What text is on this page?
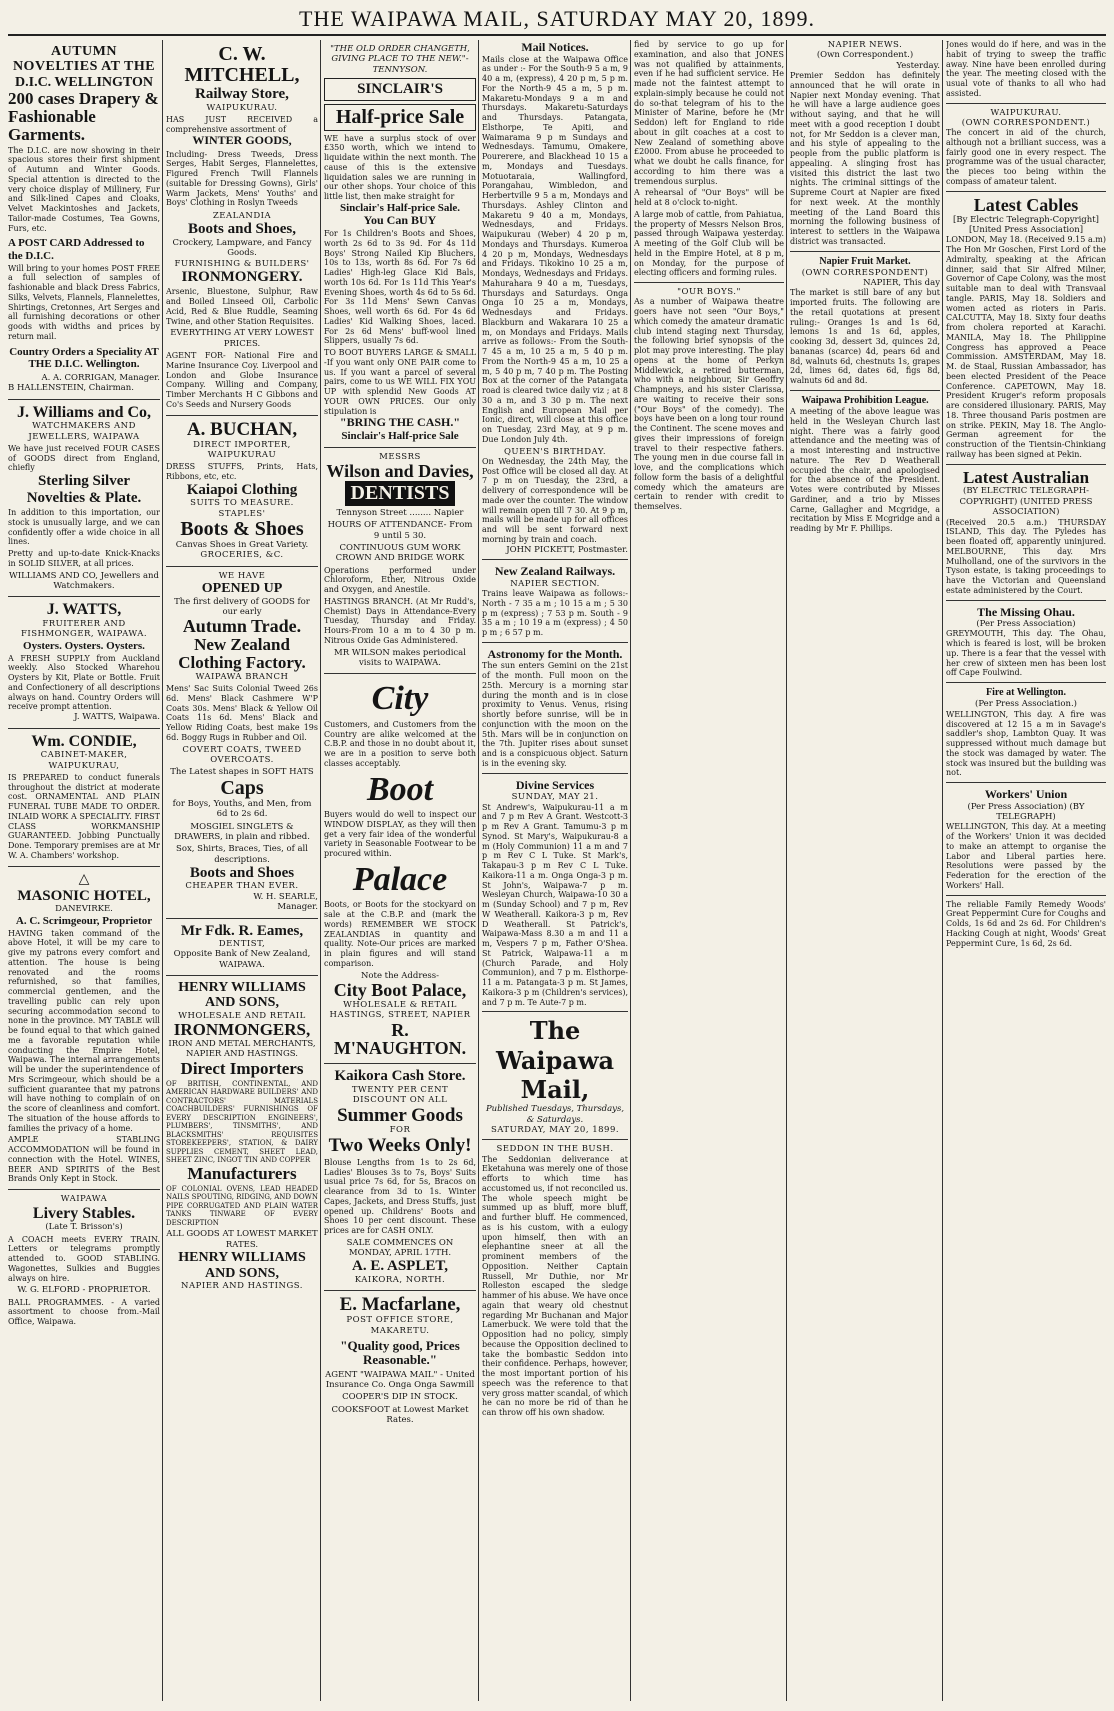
THE WAIPAWA MAIL, SATURDAY MAY 20, 1899.
AUTUMN NOVELTIES AT THE
D.I.C. WELLINGTON
200 cases Drapery & Fashionable Garments.

The D.I.C. are now showing in their spacious stores their first shipment of Autumn and Winter Goods. Special attention is directed to the very choice display of Millinery, Fur and Silk-lined Capes and Cloaks, Velvet Mackintoshes and Jackets, Tailor-made Costumes, Tea Gowns, Furs, etc.

A POST CARD Addressed to the D.I.C.

Will bring to your homes POST FREE a full selection of samples of fashionable and black Dress Fabrics, Silks, Velvets, Flannels, Flannelettes, Shirtings, Cretonnes, Art Serges and all furnishing decorations or other goods with widths and prices by return mail.

Country Orders a Speciality AT THE D.I.C. Wellington.

A. A. CORRIGAN, Manager.

B HALLENSTEIN, Chairman.

J. Williams and Co,
WATCHMAKERS AND JEWELLERS, WAIPAWA

We have just received FOUR CASES of GOODS direct from England, chiefly

Sterling Silver Novelties & Plate.

In addition to this importation, our stock is unusually large, and we can confidently offer a wide choice in all lines.

Pretty and up-to-date Knick-Knacks in SOLID SILVER, at all prices.

WILLIAMS AND CO, Jewellers and Watchmakers.

J. WATTS,
FRUITERER AND FISHMONGER, WAIPAWA.
Oysters. Oysters. Oysters.

A FRESH SUPPLY from Auckland weekly. Also Stocked Wharehou Oysters by Kit, Plate or Bottle. Fruit and Confectionery of all descriptions always on hand. Country Orders will receive prompt attention.

J. WATTS, Waipawa.

Wm. CONDIE,
CABINET-MAKER, WAIPUKURAU,

IS PREPARED to conduct funerals throughout the district at moderate cost. ORNAMENTAL AND PLAIN FUNERAL TUBE MADE TO ORDER. INLAID WORK A SPECIALITY. FIRST CLASS WORKMANSHIP GUARANTEED. Jobbing Punctually Done. Temporary premises are at Mr W. A. Chambers' workshop.

△
MASONIC HOTEL,
DANEVIRKE.
A. C. Scrimgeour, Proprietor

HAVING taken command of the above Hotel, it will be my care to give my patrons every comfort and attention. The house is being renovated and the rooms refurnished, so that families, commercial gentlemen, and the travelling public can rely upon securing accommodation second to none in the province. MY TABLE will be found equal to that which gained me a favorable reputation while conducting the Empire Hotel, Waipawa. The internal arrangements will be under the superintendence of Mrs Scrimgeour, which should be a sufficient guarantee that my patrons will have nothing to complain of on the score of cleanliness and comfort. The situation of the house affords to families the privacy of a home.

AMPLE STABLING ACCOMMODATION will be found in connection with the Hotel. WINES, BEER AND SPIRITS of the Best Brands Only Kept in Stock.

WAIPAWA
Livery Stables.
(Late T. Brisson's)

A COACH meets EVERY TRAIN. Letters or telegrams promptly attended to. GOOD STABLING. Wagonettes, Sulkies and Buggies always on hire.

W. G. ELFORD - PROPRIETOR.

BALL PROGRAMMES. - A varied assortment to choose from.-Mail Office, Waipawa.

C. W. MITCHELL,
Railway Store,
WAIPUKURAU.

HAS JUST RECEIVED a comprehensive assortment of

WINTER GOODS,

Including- Dress Tweeds, Dress Serges, Habit Serges, Flannelettes, Figured French Twill Flannels (suitable for Dressing Gowns), Girls' Warm Jackets, Mens' Youths' and Boys' Clothing in Roslyn Tweeds

ZEALANDIA
Boots and Shoes,

Crockery, Lampware, and Fancy Goods.

FURNISHING & BUILDERS'
IRONMONGERY.

Arsenic, Bluestone, Sulphur, Raw and Boiled Linseed Oil, Carbolic Acid, Red & Blue Ruddle, Seaming Twine, and other Station Requisites.

EVERYTHING AT VERY LOWEST PRICES.

AGENT FOR- National Fire and Marine Insurance Coy. Liverpool and London and Globe Insurance Company. Willing and Company, Timber Merchants H C Gibbons and Co's Seeds and Nursery Goods

A. BUCHAN,
DIRECT IMPORTER,
WAIPUKURAU

DRESS STUFFS, Prints, Hats, Ribbons, etc, etc.

Kaiapoi Clothing
SUITS TO MEASURE.
STAPLES'
Boots & Shoes
Canvas Shoes in Great Variety.
GROCERIES, &C.
WE HAVE
OPENED UP

The first delivery of GOODS for our early

Autumn Trade.
New Zealand Clothing Factory.
WAIPAWA BRANCH

Mens' Sac Suits Colonial Tweed 26s 6d. Mens' Black Cashmere W'P Coats 30s. Mens' Black & Yellow Oil Coats 11s 6d. Mens' Black and Yellow Riding Coats, best make 19s 6d. Boggy Rugs in Rubber and Oil.

COVERT COATS, TWEED OVERCOATS.

The Latest shapes in SOFT HATS

Caps

for Boys, Youths, and Men, from 6d to 2s 6d.

MOSGIEL SINGLETS & DRAWERS, in plain and ribbed.

Sox, Shirts, Braces, Ties, of all descriptions.

Boots and Shoes
CHEAPER THAN EVER.
W. H. SEARLE,
Manager.
Mr Fdk. R. Eames,
DENTIST,

Opposite Bank of New Zealand, WAIPAWA.

HENRY WILLIAMS AND SONS,
WHOLESALE AND RETAIL
IRONMONGERS,

IRON AND METAL MERCHANTS, NAPIER AND HASTINGS.

Direct Importers

OF BRITISH, CONTINENTAL, AND AMERICAN HARDWARE BUILDERS' AND CONTRACTORS' MATERIALS COACHBUILDERS' FURNISHINGS OF EVERY DESCRIPTION ENGINEERS', PLUMBERS', TINSMITHS', AND BLACKSMITHS' REQUISITES STOREKEEPERS', STATION, & DAIRY SUPPLIES CEMENT, SHEET LEAD, SHEET ZINC, INGOT TIN AND COPPER

Manufacturers

OF COLONIAL OVENS, LEAD HEADED NAILS SPOUTING, RIDGING, AND DOWN PIPE CORRUGATED AND PLAIN WATER TANKS TINWARE OF EVERY DESCRIPTION

ALL GOODS AT LOWEST MARKET RATES.

HENRY WILLIAMS AND SONS,
NAPIER AND HASTINGS.

"THE OLD ORDER CHANGETH, GIVING PLACE TO THE NEW."-TENNYSON.

SINCLAIR'S
Half-price Sale

WE have a surplus stock of over £350 worth, which we intend to liquidate within the next month. The cause of this is the extensive liquidation sales we are running in our other shops. Your choice of this little list, then make straight for

Sinclair's Half-price Sale.
You Can BUY

For 1s Children's Boots and Shoes, worth 2s 6d to 3s 9d. For 4s 11d Boys' Strong Nailed Kip Bluchers, 10s to 13s, worth 8s 6d. For 7s 6d Ladies' High-leg Glace Kid Bals, worth 10s 6d. For 1s 11d This Year's Evening Shoes, worth 4s 6d to 5s 6d. For 3s 11d Mens' Sewn Canvas Shoes, well worth 6s 6d. For 4s 6d Ladies' Kid Walking Shoes, laced. For 2s 6d Mens' buff-wool lined Slippers, usually 7s 6d.

TO BOOT BUYERS LARGE & SMALL -If you want only ONE PAIR come to us. If you want a parcel of several pairs, come to us WE WILL FIX YOU UP with splendid New Goods AT YOUR OWN PRICES. Our only stipulation is

"BRING THE CASH."
Sinclair's Half-price Sale
MESSRS
Wilson and Davies,
DENTISTS

Tennyson Street ........ Napier

HOURS OF ATTENDANCE- From 9 until 5 30.

CONTINUOUS GUM WORK CROWN AND BRIDGE WORK

Operations performed under Chloroform, Ether, Nitrous Oxide and Oxygen, and Anestile.

HASTINGS BRANCH. (At Mr Rudd's, Chemist) Days in Attendance-Every Tuesday, Thursday and Friday. Hours-From 10 a m to 4 30 p m. Nitrous Oxide Gas Administered.

MR WILSON makes periodical visits to WAIPAWA.

City

Customers, and Customers from the Country are alike welcomed at the C.B.P. and those in no doubt about it, we are in a position to serve both classes acceptably.

Boot

Buyers would do well to inspect our WINDOW DISPLAY, as they will then get a very fair idea of the wonderful variety in Seasonable Footwear to be procured within.

Palace

Boots, or Boots for the stockyard on sale at the C.B.P. and (mark the words) REMEMBER WE STOCK ZEALANDIAS in quantity and quality. Note-Our prices are marked in plain figures and will stand comparison.

Note the Address-

City Boot Palace,
WHOLESALE & RETAIL
HASTINGS, STREET, NAPIER
R. M'NAUGHTON.
Kaikora Cash Store.
TWENTY PER CENT DISCOUNT ON ALL
Summer Goods
FOR
Two Weeks Only!

Blouse Lengths from 1s to 2s 6d, Ladies' Blouses 3s to 7s, Boys' Suits usual price 7s 6d, for 5s, Bracos on clearance from 3d to 1s. Winter Capes, Jackets, and Dress Stuffs, just opened up. Childrens' Boots and Shoes 10 per cent discount. These prices are for CASH ONLY.

SALE COMMENCES ON MONDAY, APRIL 17TH.

A. E. ASPLET,
KAIKORA, NORTH.
E. Macfarlane,
POST OFFICE STORE,
MAKARETU.
"Quality good, Prices Reasonable."

AGENT "WAIPAWA MAIL" - United Insurance Co. Onga Onga Sawmill

COOPER'S DIP IN STOCK.

COOKSFOOT at Lowest Market Rates.

Mail Notices.

Mails close at the Waipawa Office as under :- For the South-9 5 a m, 9 40 a m, (express), 4 20 p m, 5 p m. For the North-9 45 a m, 5 p m. Makaretu-Mondays 9 a m and Thursdays. Makaretu-Saturdays and Thursdays. Patangata, Elsthorpe, Te Apiti, and Waimarama 9 p m Sundays and Wednesdays. Tamumu, Omakere, Pourerere, and Blackhead 10 15 a m, Mondays and Tuesdays. Motuotaraia, Wallingford, Porangahau, Wimbledon, and Herbertville 9 5 a m, Mondays and Thursdays. Ashley Clinton and Makaretu 9 40 a m, Mondays, Wednesdays, and Fridays. Waipukurau (Weber) 4 20 p m, Mondays and Thursdays. Kumeroa 4 20 p m, Mondays, Wednesdays and Fridays. Tikokino 10 25 a m, Mondays, Wednesdays and Fridays. Mahurahara 9 40 a m, Tuesdays, Thursdays and Saturdays. Onga Onga 10 25 a m, Mondays, Wednesdays and Fridays. Blackburn and Wakarara 10 25 a m, on Mondays and Fridays. Mails arrive as follows:- From the South-7 45 a m, 10 25 a m, 5 40 p m. From the North-9 45 a m, 10 25 a m, 5 40 p m, 7 40 p m. The Posting Box at the corner of the Patangata road is cleared twice daily viz ; at 8 30 a m, and 3 30 p m. The next English and European Mail per Ionic, direct, will close at this office on Tuesday, 23rd May, at 9 p m. Due London July 4th.

QUEEN'S BIRTHDAY.

On Wednesday, the 24th May, the Post Office will be closed all day. At 7 p m on Tuesday, the 23rd, a delivery of correspondence will be made over the counter. The window will remain open till 7 30. At 9 p m, mails will be made up for all offices and will be sent forward next morning by train and coach.

JOHN PICKETT, Postmaster.

New Zealand Railways.
NAPIER SECTION.

Trains leave Waipawa as follows:- North - 7 35 a m ; 10 15 a m ; 5 30 p m (express) ; 7 53 p m. South - 9 35 a m ; 10 19 a m (express) ; 4 50 p m ; 6 57 p m.

Astronomy for the Month.

The sun enters Gemini on the 21st of the month. Full moon on the 25th. Mercury is a morning star during the month and is in close proximity to Venus. Venus, rising shortly before sunrise, will be in conjunction with the moon on the 5th. Mars will be in conjunction on the 7th. Jupiter rises about sunset and is a conspicuous object. Saturn is in the evening sky.

Divine Services
SUNDAY, MAY 21.

St Andrew's, Waipukurau-11 a m and 7 p m Rev A Grant. Westcott-3 p m Rev A Grant. Tamumu-3 p m Synod. St Mary's, Waipukurau-8 a m (Holy Communion) 11 a m and 7 p m Rev C L Tuke. St Mark's, Takapau-3 p m Rev C L Tuke. Kaikora-11 a m. Onga Onga-3 p m. St John's, Waipawa-7 p m. Wesleyan Church, Waipawa-10 30 a m (Sunday School) and 7 p m, Rev W Weatherall. Kaikora-3 p m, Rev D Weatherall. St Patrick's, Waipawa-Mass 8.30 a m and 11 a m, Vespers 7 p m, Father O'Shea. St Patrick, Waipawa-11 a m (Church Parade, and Holy Communion), and 7 p m. Elsthorpe-11 a m. Patangata-3 p m. St James, Kaikora-3 p m (Children's services), and 7 p m. Te Aute-7 p m.

The Waipawa Mail,

Published Tuesdays, Thursdays, & Saturdays.

SATURDAY, MAY 20, 1899.

SEDDON IN THE BUSH.

The Seddonian deliverance at Eketahuna was merely one of those efforts to which time has accustomed us, if not reconciled us. The whole speech might be summed up as bluff, more bluff, and further bluff. He commenced, as is his custom, with a eulogy upon himself, then with an elephantine sneer at all the prominent members of the Opposition. Neither Captain Russell, Mr Duthie, nor Mr Rolleston escaped the sledge hammer of his abuse. We have once again that weary old chestnut regarding Mr Buchanan and Major Lamerbuck. We were told that the Opposition had no policy, simply because the Opposition declined to take the bombastic Seddon into their confidence. Perhaps, however, the most important portion of his speech was the reference to that very gross matter scandal, of which he can no more be rid of than he can throw off his own shadow.

fied by service to go up for examination, and also that JONES was not qualified by attainments, even if he had sufficient service. He made not the faintest attempt to explain-simply because he could not do so-that telegram of his to the Minister of Marine, before he (Mr Seddon) left for England to ride about in gilt coaches at a cost to New Zealand of something above £2000. From abuse he proceeded to what we doubt he calls finance, for according to him there was a tremendous surplus.

A rehearsal of "Our Boys" will be held at 8 o'clock to-night.

A large mob of cattle, from Pahiatua, the property of Messrs Nelson Bros, passed through Waipawa yesterday. A meeting of the Golf Club will be held in the Empire Hotel, at 8 p m, on Monday, for the purpose of electing officers and forming rules.

"OUR BOYS."

As a number of Waipawa theatre goers have not seen "Our Boys," which comedy the amateur dramatic club intend staging next Thursday, the following brief synopsis of the plot may prove interesting. The play opens at the home of Perkyn Middlewick, a retired butterman, who with a neighbour, Sir Geoffry Champneys, and his sister Clarissa, are waiting to receive their sons ("Our Boys" of the comedy). The boys have been on a long tour round the Continent. The scene moves and gives their impressions of foreign travel to their respective fathers. The young men in due course fall in love, and the complications which follow form the basis of a delightful comedy which the amateurs are certain to render with credit to themselves.

NAPIER NEWS.
(Own Correspondent.)
Yesterday.

Premier Seddon has definitely announced that he will orate in Napier next Monday evening. That he will have a large audience goes without saying, and that he will meet with a good reception I doubt not, for Mr Seddon is a clever man, and his style of appealing to the people from the public platform is appealing. A slinging frost has visited this district the last two nights. The criminal sittings of the Supreme Court at Napier are fixed for next week. At the monthly meeting of the Land Board this morning the following business of interest to settlers in the Waipawa district was transacted.

Napier Fruit Market.
(OWN CORRESPONDENT)
NAPIER, This day

The market is still bare of any but imported fruits. The following are the retail quotations at present ruling:- Oranges 1s and 1s 6d, lemons 1s and 1s 6d, apples, cooking 3d, dessert 3d, quinces 2d, bananas (scarce) 4d, pears 6d and 8d, walnuts 6d, chestnuts 1s, grapes 2d, limes 6d, dates 6d, figs 8d, walnuts 6d and 8d.

Waipawa Prohibition League.

A meeting of the above league was held in the Wesleyan Church last night. There was a fairly good attendance and the meeting was of a most interesting and instructive nature. The Rev D Weatherall occupied the chair, and apologised for the absence of the President. Votes were contributed by Misses Gardiner, and a trio by Misses Carne, Gallagher and Mcgridge, a recitation by Miss E Mcgridge and a reading by Mr F. Phillips.

Jones would do if here, and was in the habit of trying to sweep the traffic away. Nine have been enrolled during the year. The meeting closed with the usual vote of thanks to all who had assisted.

WAIPUKURAU.
(OWN CORRESPONDENT.)

The concert in aid of the church, although not a brilliant success, was a fairly good one in every respect. The programme was of the usual character, the pieces too being within the compass of amateur talent.

Latest Cables

[By Electric Telegraph-Copyright] [United Press Association]

LONDON, May 18. (Received 9.15 a.m) The Hon Mr Goschen, First Lord of the Admiralty, speaking at the African dinner, said that Sir Alfred Milner, Governor of Cape Colony, was the most suitable man to deal with Transvaal tangle. PARIS, May 18. Soldiers and women acted as rioters in Paris. CALCUTTA, May 18. Sixty four deaths from cholera reported at Karachi. MANILA, May 18. The Philippine Congress has approved a Peace Commission. AMSTERDAM, May 18. M. de Staal, Russian Ambassador, has been elected President of the Peace Conference. CAPETOWN, May 18. President Kruger's reform proposals are considered illusionary. PARIS, May 18. Three thousand Paris postmen are on strike. PEKIN, May 18. The Anglo-German agreement for the construction of the Tientsin-Chinkiang railway has been signed at Pekin.

Latest Australian

(BY ELECTRIC TELEGRAPH-COPYRIGHT) (UNITED PRESS ASSOCIATION)

(Received 20.5 a.m.) THURSDAY ISLAND, This day. The Pyledes has been floated off, apparently uninjured. MELBOURNE, This day. Mrs Mulholland, one of the survivors in the Tyson estate, is taking proceedings to have the Victorian and Queensland estate administered by the Court.

The Missing Ohau.

(Per Press Association)

GREYMOUTH, This day. The Ohau, which is feared is lost, will be broken up. There is a fear that the vessel with her crew of sixteen men has been lost off Cape Foulwind.

Fire at Wellington.

(Per Press Association.)

WELLINGTON, This day. A fire was discovered at 12 15 a m in Savage's saddler's shop, Lambton Quay. It was suppressed without much damage but the stock was damaged by water. The stock was insured but the building was not.

Workers' Union

(Per Press Association) (BY TELEGRAPH)

WELLINGTON, This day. At a meeting of the Workers' Union it was decided to make an attempt to organise the Labor and Liberal parties here. Resolutions were passed by the Federation for the erection of the Workers' Hall.

The reliable Family Remedy Woods' Great Peppermint Cure for Coughs and Colds, 1s 6d and 2s 6d. For Children's Hacking Cough at night, Woods' Great Peppermint Cure, 1s 6d, 2s 6d.
